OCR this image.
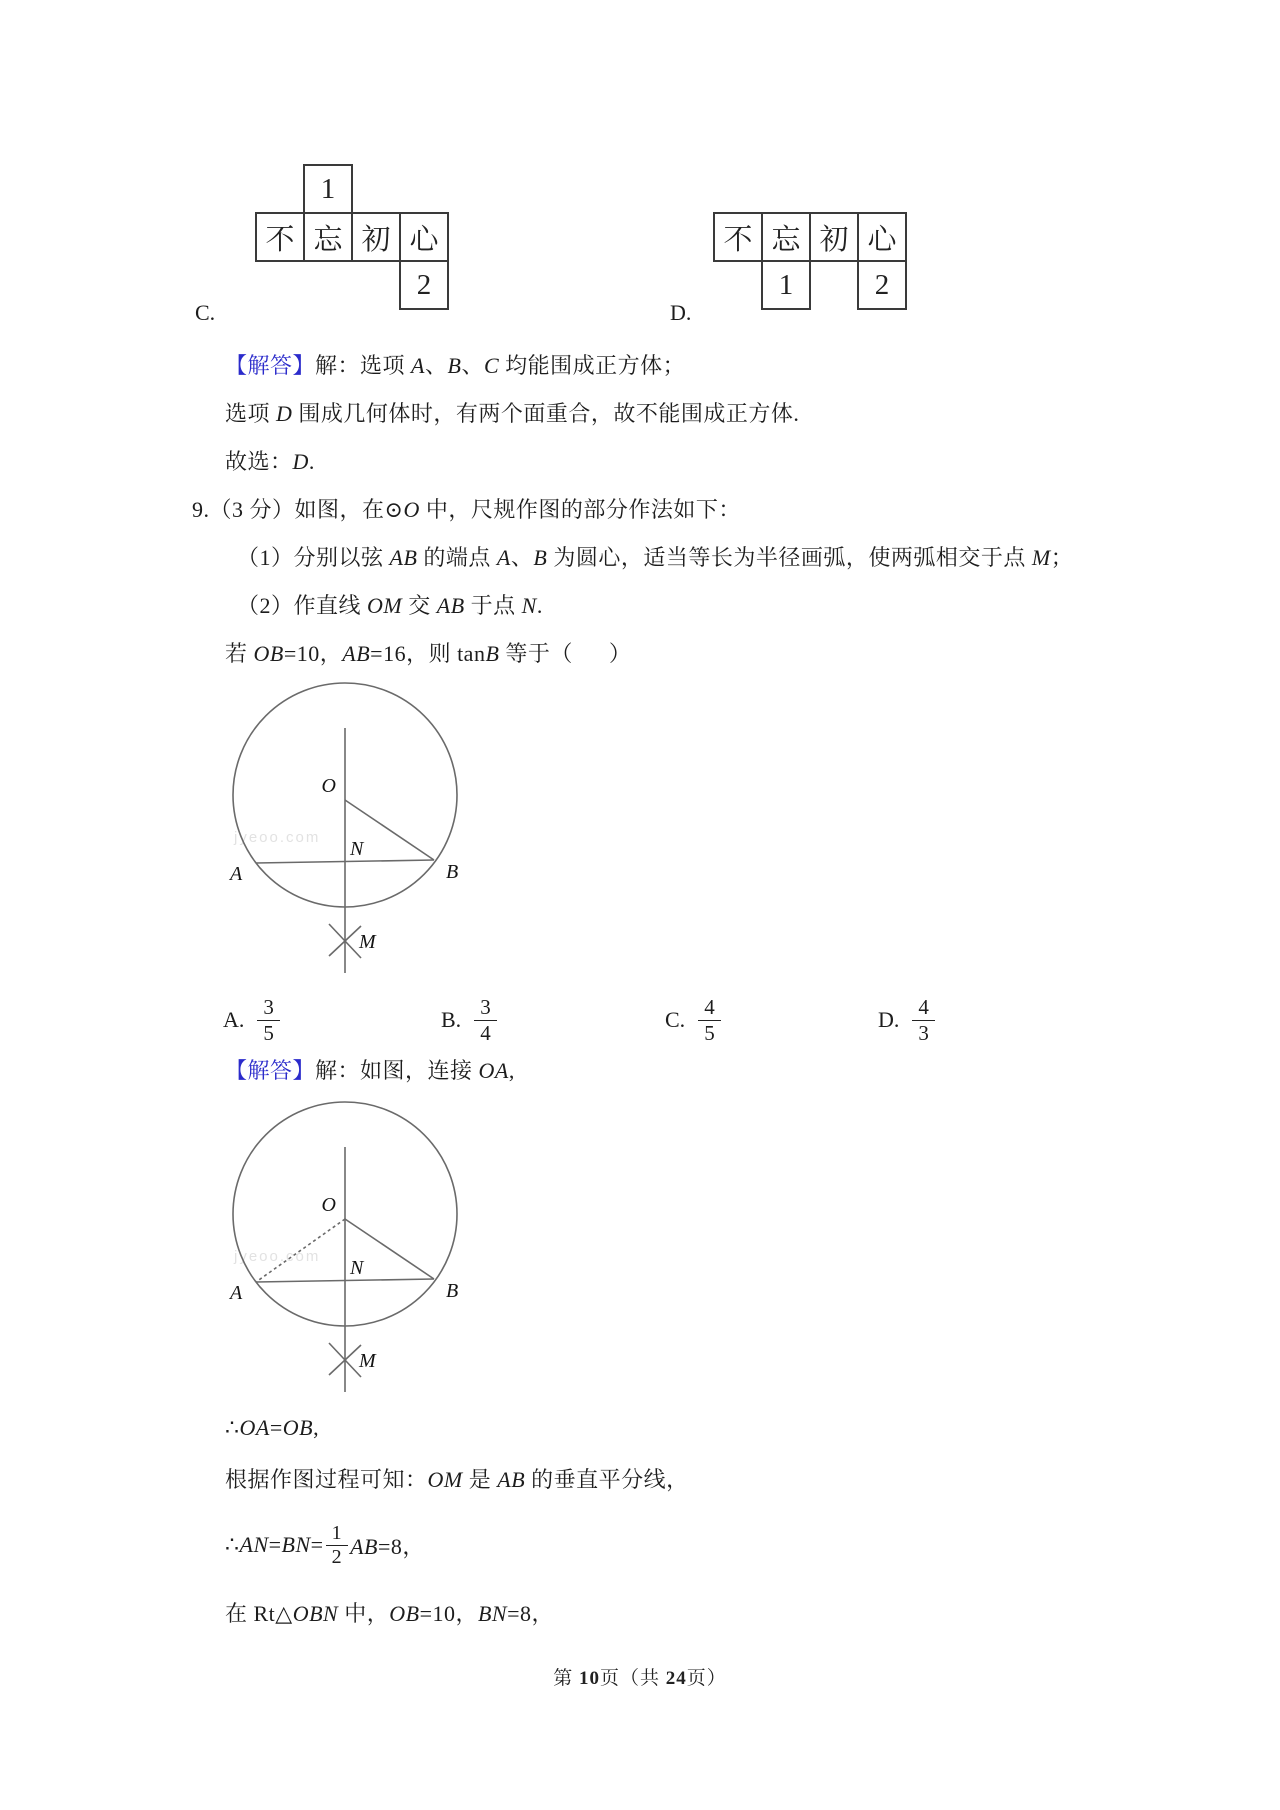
C.
1
不 忘 初 心
2
D.
不 忘 初 心
1	2
【解答】解：选项 A、B、C 均能围成正方体；
选项 D 围成几何体时，有两个面重合，故不能围成正方体.
故选：D.
9.（3 分）如图，在⊙O 中，尺规作图的部分作法如下：
（1）分别以弦 AB 的端点 A、B 为圆心，适当等长为半径画弧，使两弧相交于点 M；
（2）作直线 OM 交 AB 于点 N.
若 OB=10，AB=16，则 tanB 等于（      ）
jyeoo.com
O
N
A	B
M
A. $\frac{3}{5}$	B. $\frac{3}{4}$	C. $\frac{4}{5}$	D. $\frac{4}{3}$
【解答】解：如图，连接 OA,
jyeoo.com
O
N
A	B
M
∴OA=OB,
根据作图过程可知：OM 是 AB 的垂直平分线，
∴AN=BN= $\frac{1}{2} AB=8$，
在 Rt△OBN 中，OB=10，BN=8，
第 10页（共 24页）
